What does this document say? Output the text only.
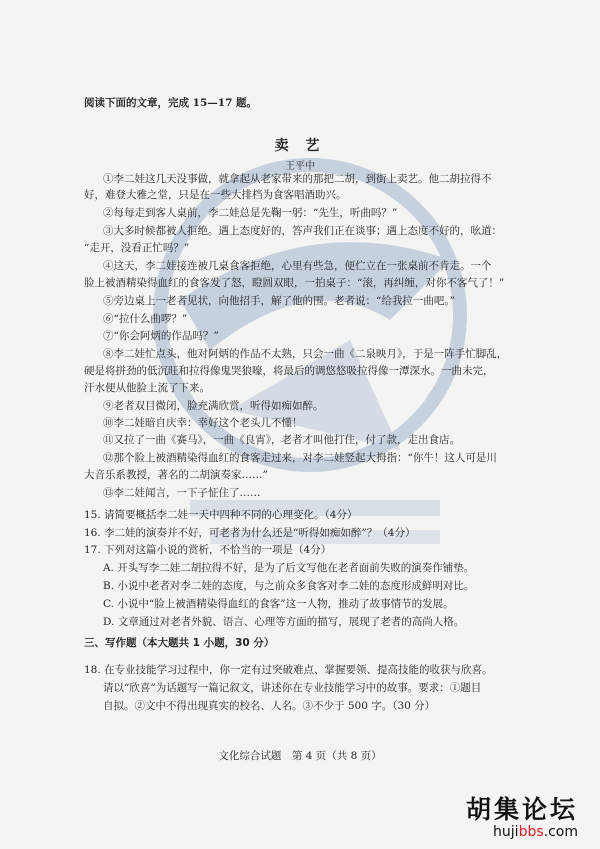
阅读下面的文章，完成 15—17 题。
卖 艺
王平中
①李二娃这几天没事做，就拿起从老家带来的那把二胡，到街上卖艺。他二胡拉得不
好，难登大雅之堂，只是在一些大排档为食客唱酒助兴。
②每每走到客人桌前，李二娃总是先鞠一躬：“先生，听曲吗？”
③大多时候都被人拒绝。遇上态度好的，答声我们正在谈事；遇上态度不好的，吆道：
“走开，没看正忙吗？”
④这天，李二娃接连被几桌食客拒绝，心里有些急，便伫立在一张桌前不肯走。一个
脸上被酒精染得血红的食客发了怒，瞪圆双眼，一拍桌子：“滚，再纠缠，对你不客气了！”
⑤旁边桌上一老者见状，向他招手，解了他的围。老者说：“给我拉一曲吧。”
⑥“拉什么曲啰？”
⑦“你会阿炳的作品吗？”
⑧李二娃忙点头，他对阿炳的作品不太熟，只会一曲《二泉映月》，于是一阵手忙脚乱，
硬是将拼劲的低沉旺和拉得像鬼哭狼嚎，将最后的调悠悠吸拉得像一潭深水。一曲未完，
汗水便从他脸上流了下来。
⑨老者双目微闭，脸充满欣赏，听得如痴如醉。
⑩李二娃暗自庆幸：幸好这个老头儿不懂！
⑪又拉了一曲《赛马》，一曲《良宵》，老者才叫他打住，付了款，走出食店。
⑫那个脸上被酒精染得血红的食客走过来，对李二娃竖起大拇指：“你牛！这人可是川
大音乐系教授，著名的二胡演奏家……”
⑬李二娃闻言，一下子怔住了……
15. 请简要概括李二娃一天中四种不同的心理变化。（4分）
16. 李二娃的演奏并不好，可老者为什么还是“听得如痴如醉”？（4分）
17. 下列对这篇小说的赏析，不恰当的一项是（4分）
A. 开头写李二娃二胡拉得不好，是为了后文写他在老者面前失败的演奏作铺垫。
B. 小说中老者对李二娃的态度，与之前众多食客对李二娃的态度形成鲜明对比。
C. 小说中“脸上被酒精染得血红的食客”这一人物，推动了故事情节的发展。
D. 文章通过对老者外貌、语言、心理等方面的描写，展现了老者的高尚人格。
三、写作题（本大题共 1 小题，30 分）
18. 在专业技能学习过程中，你一定有过突破难点、掌握要领、提高技能的收获与欣喜。
请以“欣喜”为话题写一篇记叙文，讲述你在专业技能学习中的故事。要求：①题目
自拟。②文中不得出现真实的校名、人名。③不少于 500 字。（30 分）
文化综合试题　第 4 页（共 8 页）
胡集论坛
hujibbs.com
